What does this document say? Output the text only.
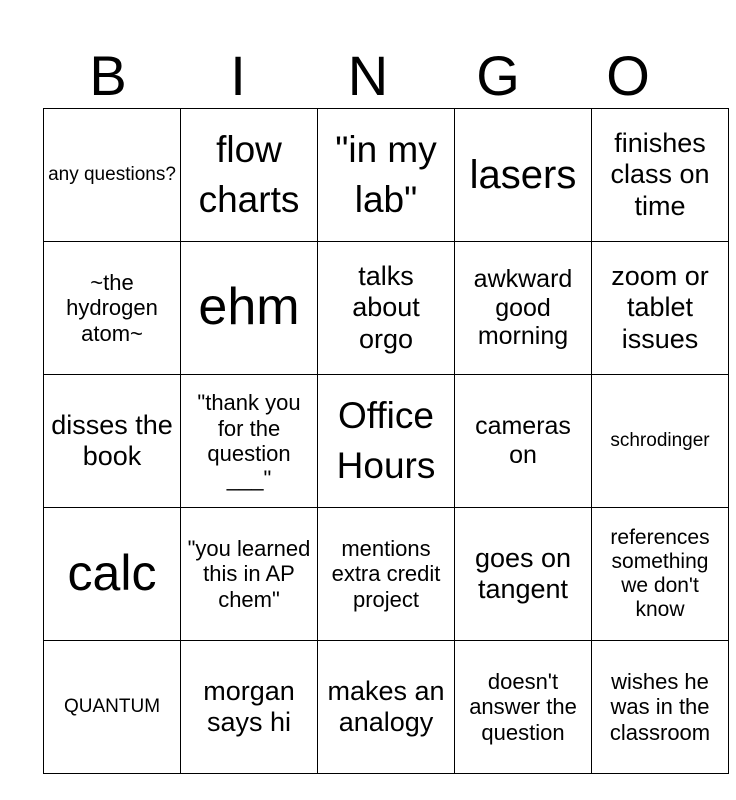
B	I	N	G	O
any questions?	flow charts	"in my lab"	lasers	finishes class on time
~the hydrogen atom~	ehm	talks about orgo	awkward good morning	zoom or tablet issues
disses the book	"thank you for the question ___"	Office Hours	cameras on	schrodinger
calc	"you learned this in AP chem"	mentions extra credit project	goes on tangent	references something we don't know
QUANTUM	morgan says hi	makes an analogy	doesn't answer the question	wishes he was in the classroom
